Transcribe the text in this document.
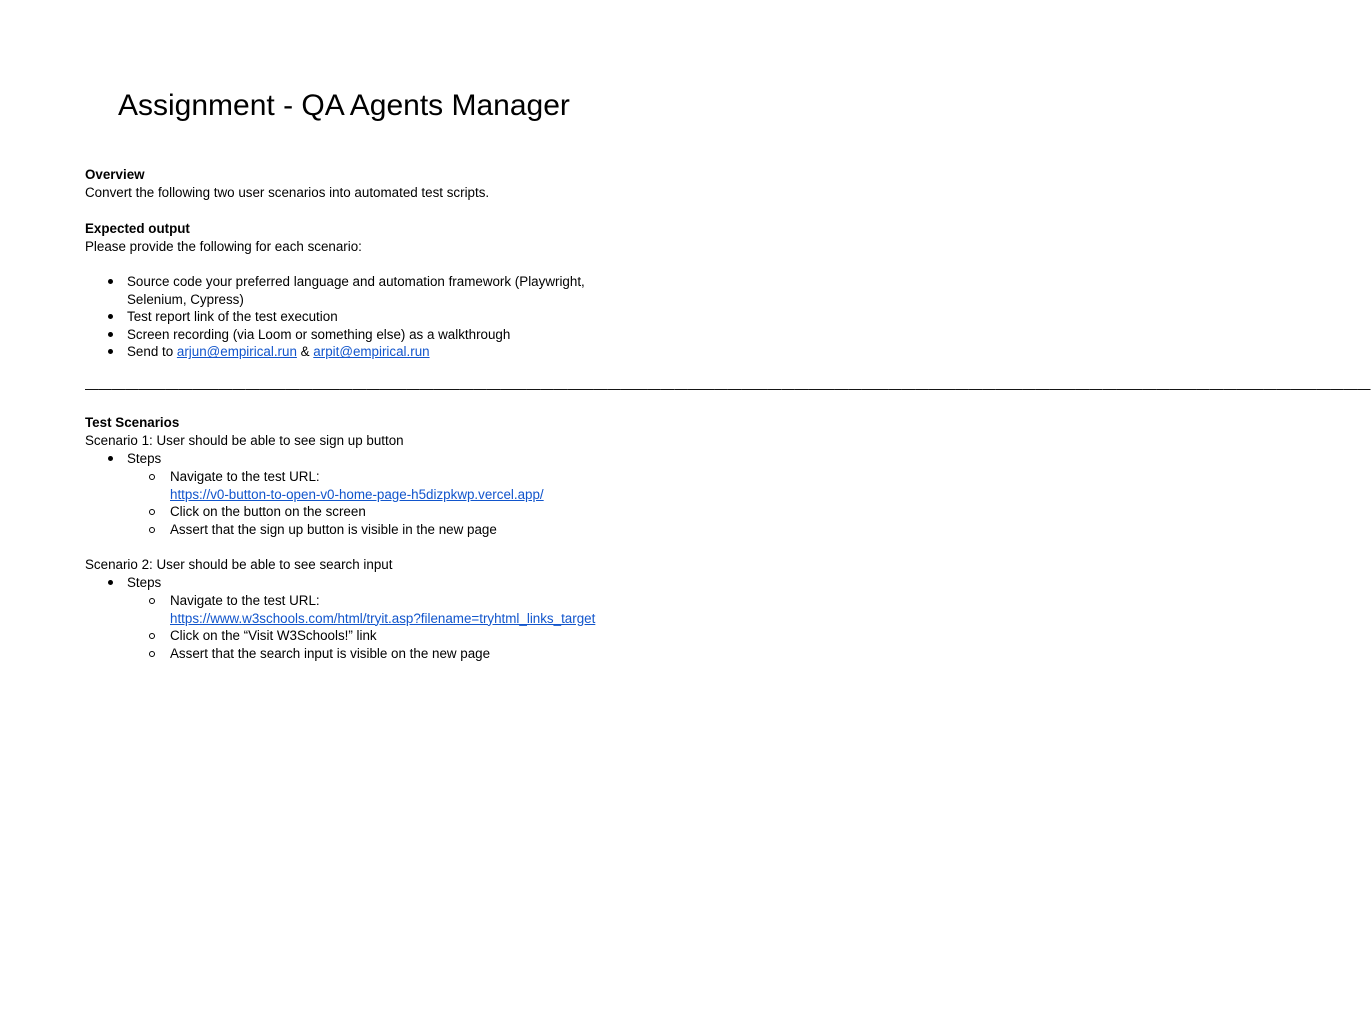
Assignment - QA Agents Manager
Overview
Convert the following two user scenarios into automated test scripts.
Expected output
Please provide the following for each scenario:
Source code your preferred language and automation framework (Playwright, Selenium, Cypress)
Test report link of the test execution
Screen recording (via Loom or something else) as a walkthrough
Send to arjun@empirical.run & arpit@empirical.run
————————————————————————————————————————————————————————————————————————————————————————————————
Test Scenarios
Scenario 1: User should be able to see sign up button
Steps
Navigate to the test URL:
https://v0-button-to-open-v0-home-page-h5dizpkwp.vercel.app/
Click on the button on the screen
Assert that the sign up button is visible in the new page
Scenario 2: User should be able to see search input
Steps
Navigate to the test URL:
https://www.w3schools.com/html/tryit.asp?filename=tryhtml_links_target
Click on the “Visit W3Schools!” link
Assert that the search input is visible on the new page
